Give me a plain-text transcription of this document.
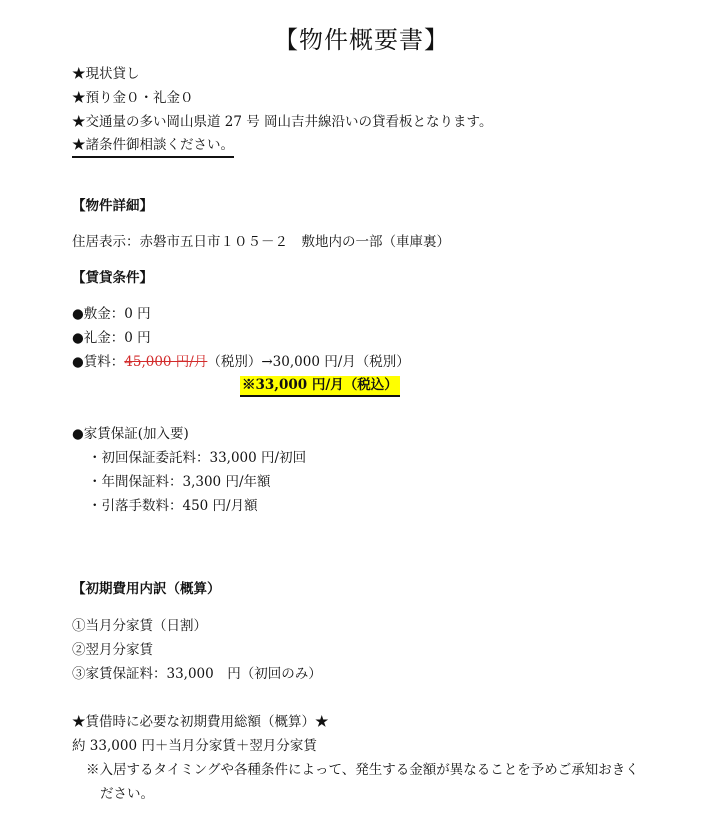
【物件概要書】
★現状貸し
★預り金０・礼金０
★交通量の多い岡山県道 27 号 岡山吉井線沿いの貸看板となります。
★諸条件御相談ください。
【物件詳細】
住居表示：赤磐市五日市１０５－２　敷地内の一部（車庫裏）
【賃貸条件】
●敷金：0 円
●礼金：0 円
●賃料：45,000 円/月（税別）→30,000 円/月（税別）
※33,000 円/月（税込）
●家賃保証(加入要)
・初回保証委託料：33,000 円/初回
・年間保証料：3,300 円/年額
・引落手数料：450 円/月額
【初期費用内訳（概算）
①当月分家賃（日割）
②翌月分家賃
③家賃保証料：33,000　円（初回のみ）
★賃借時に必要な初期費用総額（概算）★
約 33,000 円＋当月分家賃＋翌月分家賃
※入居するタイミングや各種条件によって、発生する金額が異なることを予めご承知おきく
ださい。
